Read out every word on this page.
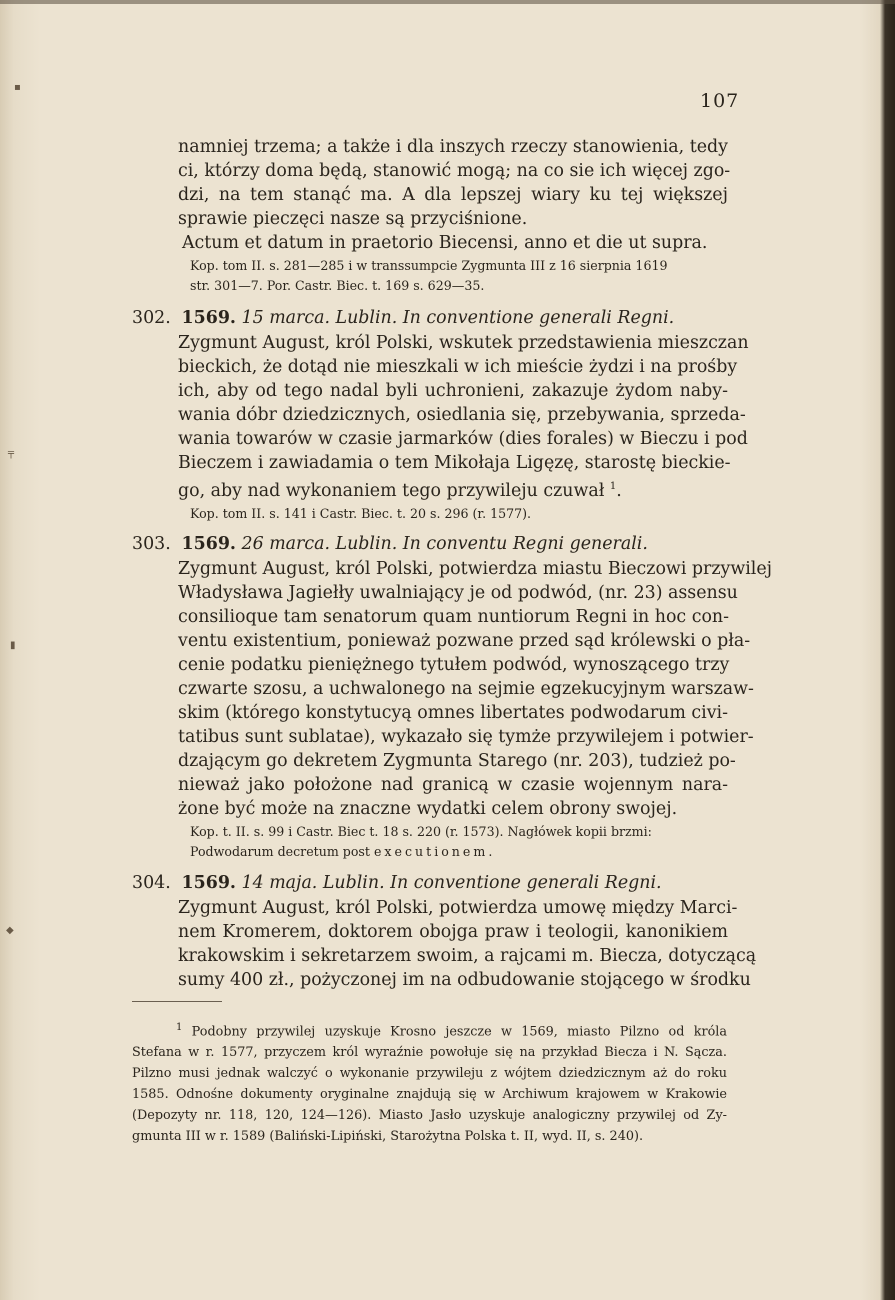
▪
╤
▮
◆
107
namniej trzema; a także i dla inszych rzeczy stanowienia, tedy
ci, którzy doma będą, stanowić mogą; na co sie ich więcej zgo-
dzi, na tem stanąć ma. A dla lepszej wiary ku tej większej
sprawie pieczęci nasze są przyciśnione.
Actum et datum in praetorio Biecensi, anno et die ut supra.
Kop. tom II. s. 281—285 i w transsumpcie Zygmunta III z 16 sierpnia 1619
str. 301—7. Por. Castr. Biec. t. 169 s. 629—35.
302. 1569. 15 marca. Lublin. In conventione generali Regni.
Zygmunt August, król Polski, wskutek przedstawienia mieszczan
bieckich, że dotąd nie mieszkali w ich mieście żydzi i na prośby
ich, aby od tego nadal byli uchronieni, zakazuje żydom naby-
wania dóbr dziedzicznych, osiedlania się, przebywania, sprzeda-
wania towarów w czasie jarmarków (dies forales) w Bieczu i pod
Bieczem i zawiadamia o tem Mikołaja Ligęzę, starostę bieckie-
go, aby nad wykonaniem tego przywileju czuwał $^1$.
Kop. tom II. s. 141 i Castr. Biec. t. 20 s. 296 (r. 1577).
303. 1569. 26 marca. Lublin. In conventu Regni generali.
Zygmunt August, król Polski, potwierdza miastu Bieczowi przywilej
Władysława Jagiełły uwalniający je od podwód, (nr. 23) assensu
consilioque tam senatorum quam nuntiorum Regni in hoc con-
ventu existentium, ponieważ pozwane przed sąd królewski o pła-
cenie podatku pieniężnego tytułem podwód, wynoszącego trzy
czwarte szosu, a uchwalonego na sejmie egzekucyjnym warszaw-
skim (którego konstytucyą omnes libertates podwodarum civi-
tatibus sunt sublatae), wykazało się tymże przywilejem i potwier-
dzającym go dekretem Zygmunta Starego (nr. 203), tudzież po-
nieważ jako położone nad granicą w czasie wojennym nara-
żone być może na znaczne wydatki celem obrony swojej.
Kop. t. II. s. 99 i Castr. Biec t. 18 s. 220 (r. 1573). Nagłówek kopii brzmi:
Podwodarum decretum post executionem.
304. 1569. 14 maja. Lublin. In conventione generali Regni.
Zygmunt August, król Polski, potwierdza umowę między Marci-
nem Kromerem, doktorem obojga praw i teologii, kanonikiem
krakowskim i sekretarzem swoim, a rajcami m. Biecza, dotyczącą
sumy 400 zł., pożyczonej im na odbudowanie stojącego w środku
$^1$ Podobny przywilej uzyskuje Krosno jeszcze w 1569, miasto Pilzno od króla
Stefana w r. 1577, przyczem król wyraźnie powołuje się na przykład Biecza i N. Sącza.
Pilzno musi jednak walczyć o wykonanie przywileju z wójtem dziedzicznym aż do roku
1585. Odnośne dokumenty oryginalne znajdują się w Archiwum krajowem w Krakowie
(Depozyty nr. 118, 120, 124—126). Miasto Jasło uzyskuje analogiczny przywilej od Zy-
gmunta III w r. 1589 (Baliński-Lipiński, Starożytna Polska t. II, wyd. II, s. 240).
